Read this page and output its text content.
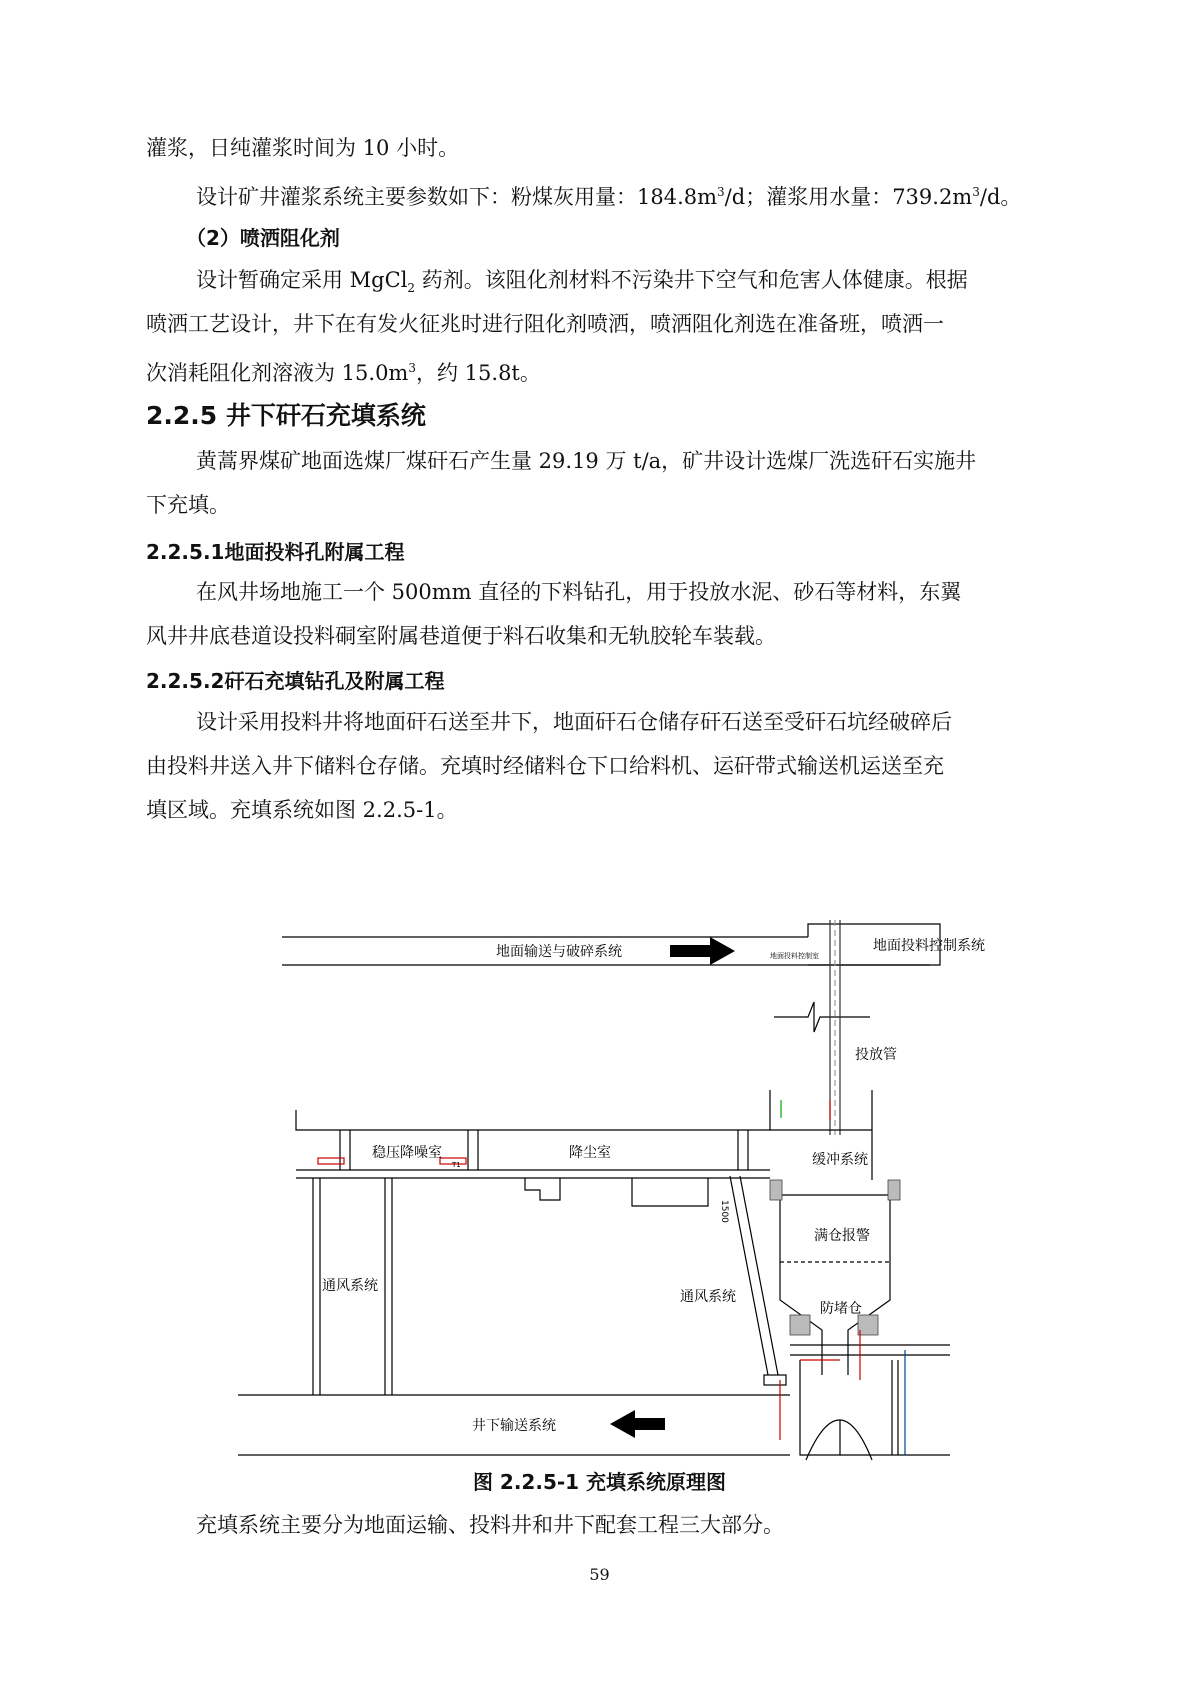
灌浆，日纯灌浆时间为 10 小时。

设计矿井灌浆系统主要参数如下：粉煤灰用量：$184.8m^3/d$；灌浆用水量：$739.2m^3/d$。

（2）喷洒阻化剂

设计暂确定采用 MgCl$_2$ 药剂。该阻化剂材料不污染井下空气和危害人体健康。根据

喷洒工艺设计，井下在有发火征兆时进行阻化剂喷洒，喷洒阻化剂选在准备班，喷洒一

次消耗阻化剂溶液为 $15.0m^3$，约 15.8t。

2.2.5 井下矸石充填系统

黄蒿界煤矿地面选煤厂煤矸石产生量 29.19 万 t/a，矿井设计选煤厂洗选矸石实施井

下充填。

2.2.5.1地面投料孔附属工程

在风井场地施工一个 500mm 直径的下料钻孔，用于投放水泥、砂石等材料，东翼

风井井底巷道设投料硐室附属巷道便于料石收集和无轨胶轮车装载。

2.2.5.2矸石充填钻孔及附属工程

设计采用投料井将地面矸石送至井下，地面矸石仓储存矸石送至受矸石坑经破碎后

由投料井送入井下储料仓存储。充填时经储料仓下口给料机、运矸带式输送机运送至充

填区域。充填系统如图 2.2.5-1。

地面输送与破碎系统	地面投料控制室
地面投料控制系统
投放管
稳压降噪室
T1
降尘室	缓冲系统
1500
满仓报警
通风系统
通风系统
防堵仓
井下输送系统

图 2.2.5-1 充填系统原理图

充填系统主要分为地面运输、投料井和井下配套工程三大部分。

59
